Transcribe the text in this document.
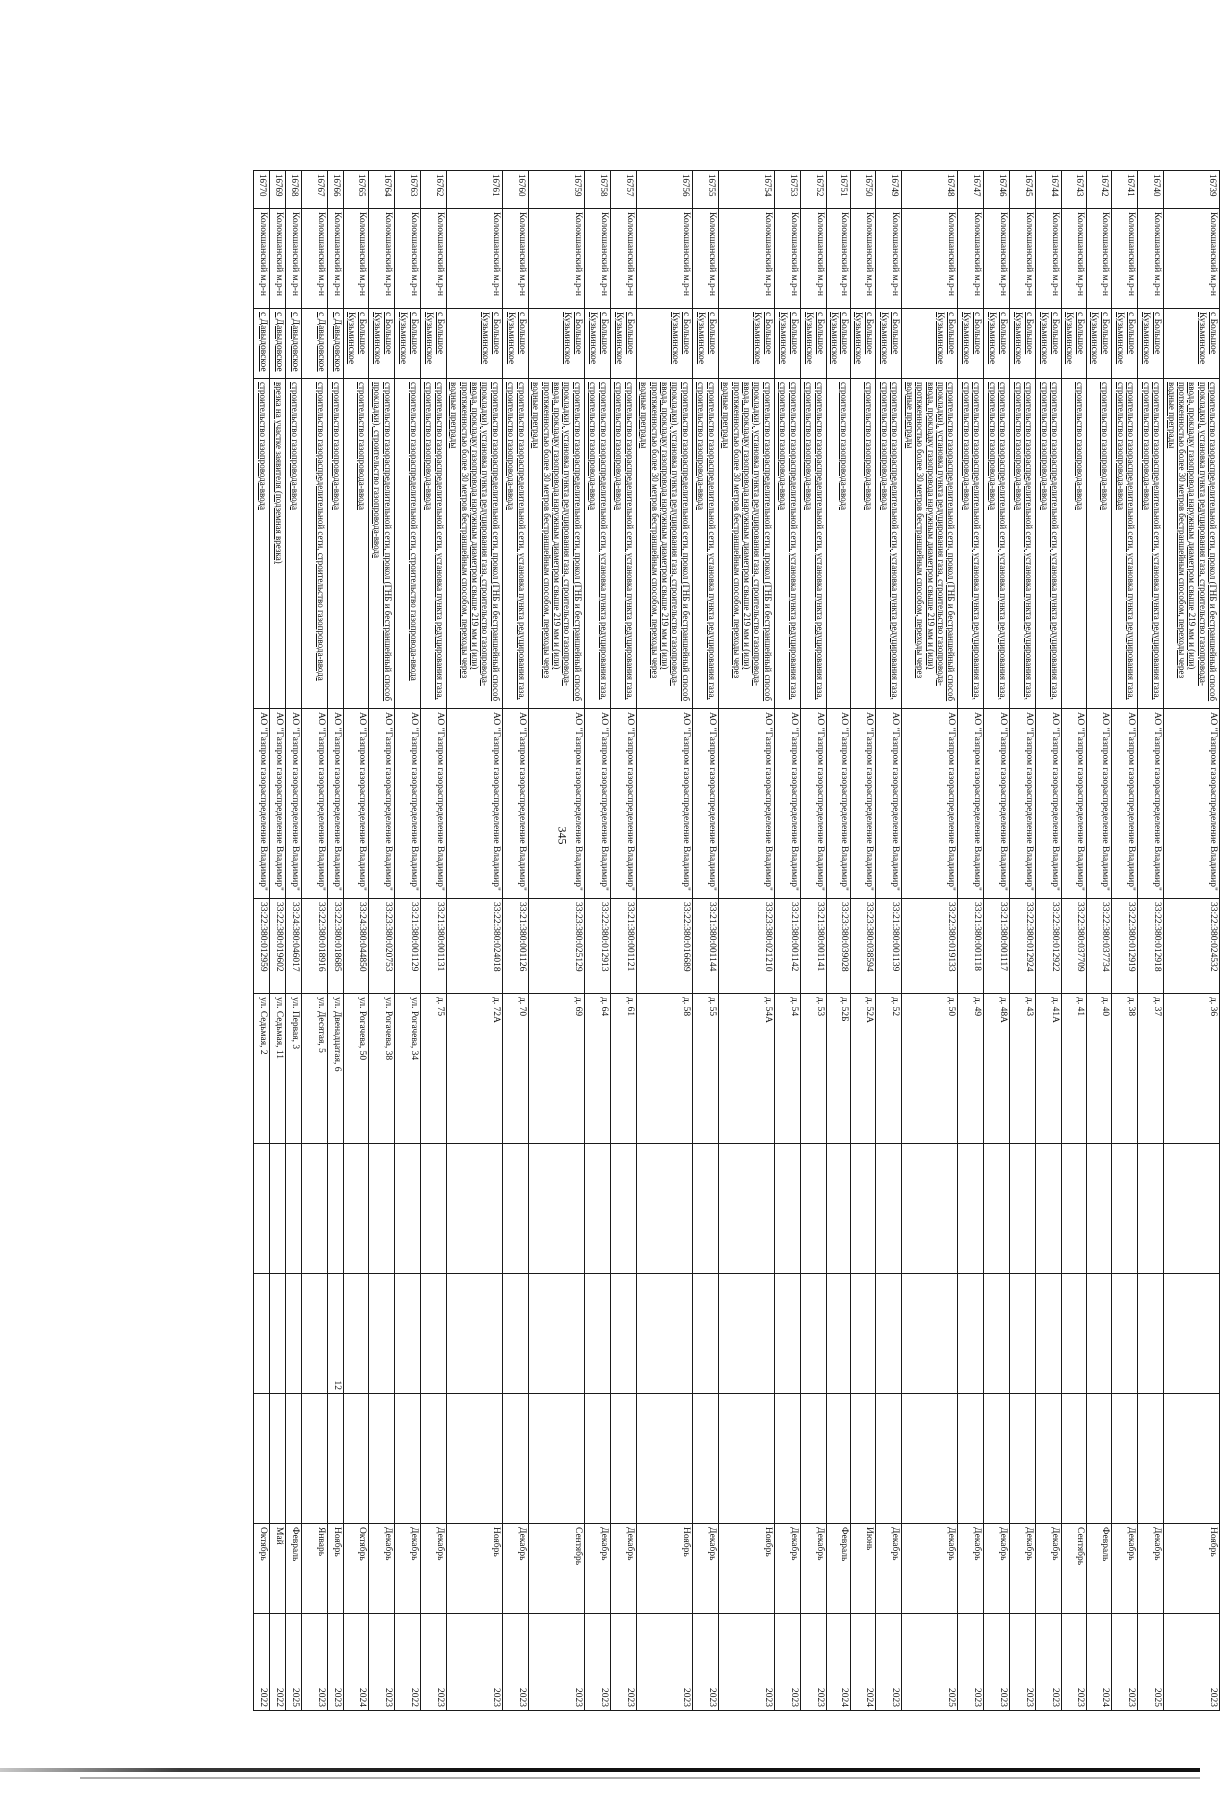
345
16739	Колокшанский м.р-н	с Большое Кузьминское	строительство газораспределительной сети, прокол (ГНБ и бестраншейный способ прокладки), установка пункта редуцирования газа, строительство газопровода-ввода, прокладку газопровода наружным диаметром свыше 219 мм и (или) протяженностью более 30 метров бестраншейным способом, переходы через водные преграды	АО "Газпром газораспределение Владимир"	33:22:380:024532	д. 36				Ноябрь	2023
16740	Колокшанский м.р-н	с Большое Кузьминское	строительство газораспределительной сети, установка пункта редуцирования газа, строительство газопровода-ввода	АО "Газпром газораспределение Владимир"	33:22:380:012918	д. 37				Декабрь	2025
16741	Колокшанский м.р-н	с Большое Кузьминское	строительство газораспределительной сети, установка пункта редуцирования газа, строительство газопровода-ввода	АО "Газпром газораспределение Владимир"	33:22:380:012919	д. 38				Декабрь	2023
16742	Колокшанский м.р-н	с Большое Кузьминское	строительство газопровода-ввода	АО "Газпром газораспределение Владимир"	33:22:380:037734	д. 40				Февраль	2024
16743	Колокшанский м.р-н	с Большое Кузьминское	строительство газопровода-ввода	АО "Газпром газораспределение Владимир"	33:22:380:037709	д. 41				Сентябрь	2023
16744	Колокшанский м.р-н	с Большое Кузьминское	строительство газораспределительной сети, установка пункта редуцирования газа, строительство газопровода-ввода	АО "Газпром газораспределение Владимир"	33:22:380:012922	д. 41А				Декабрь	2023
16745	Колокшанский м.р-н	с Большое Кузьминское	строительство газораспределительной сети, установка пункта редуцирования газа, строительство газопровода-ввода	АО "Газпром газораспределение Владимир"	33:22:380:012924	д. 43				Декабрь	2023
16746	Колокшанский м.р-н	с Большое Кузьминское	строительство газораспределительной сети, установка пункта редуцирования газа, строительство газопровода-ввода	АО "Газпром газораспределение Владимир"	33:21:380:001117	д. 48А				Декабрь	2023
16747	Колокшанский м.р-н	с Большое Кузьминское	строительство газораспределительной сети, установка пункта редуцирования газа, строительство газопровода-ввода	АО "Газпром газораспределение Владимир"	33:21:380:001118	д. 49				Декабрь	2023
16748	Колокшанский м.р-н	с Большое Кузьминское	строительство газораспределительной сети, прокол (ГНБ и бестраншейный способ прокладки), установка пункта редуцирования газа, строительство газопровода-ввода, прокладку газопровода наружным диаметром свыше 219 мм и (или) протяженностью более 30 метров бестраншейным способом, переходы через водные преграды	АО "Газпром газораспределение Владимир"	33:22:380:019133	д. 50				Декабрь	2025
16749	Колокшанский м.р-н	с Большое Кузьминское	строительство газораспределительной сети, установка пункта редуцирования газа, строительство газопровода-ввода	АО "Газпром газораспределение Владимир"	33:21:380:001139	д. 52				Декабрь	2023
16750	Колокшанский м.р-н	с Большое Кузьминское	строительство газопровода-ввода	АО "Газпром газораспределение Владимир"	33:23:380:038594	д. 52А				Июнь	2024
16751	Колокшанский м.р-н	с Большое Кузьминское	строительство газопровода-ввода	АО "Газпром газораспределение Владимир"	33:23:380:039028	д. 52Б				Февраль	2024
16752	Колокшанский м.р-н	с Большое Кузьминское	строительство газораспределительной сети, установка пункта редуцирования газа, строительство газопровода-ввода	АО "Газпром газораспределение Владимир"	33:21:380:001141	д. 53				Декабрь	2023
16753	Колокшанский м.р-н	с Большое Кузьминское	строительство газораспределительной сети, установка пункта редуцирования газа, строительство газопровода-ввода	АО "Газпром газораспределение Владимир"	33:21:380:001142	д. 54				Декабрь	2023
16754	Колокшанский м.р-н	с Большое Кузьминское	строительство газораспределительной сети, прокол (ГНБ и бестраншейный способ прокладки), установка пункта редуцирования газа, строительство газопровода-ввода, прокладку газопровода наружным диаметром свыше 219 мм и (или) протяженностью более 30 метров бестраншейным способом, переходы через водные преграды	АО "Газпром газораспределение Владимир"	33:23:380:021210	д. 54А				Ноябрь	2023
16755	Колокшанский м.р-н	с Большое Кузьминское	строительство газораспределительной сети, установка пункта редуцирования газа, строительство газопровода-ввода	АО "Газпром газораспределение Владимир"	33:21:380:001144	д. 55				Декабрь	2023
16756	Колокшанский м.р-н	с Большое Кузьминское	строительство газораспределительной сети, прокол (ГНБ и бестраншейный способ прокладки), установка пункта редуцирования газа, строительство газопровода-ввода, прокладку газопровода наружным диаметром свыше 219 мм и (или) протяженностью более 30 метров бестраншейным способом, переходы через водные преграды	АО "Газпром газораспределение Владимир"	33:22:380:016689	д. 58				Ноябрь	2023
16757	Колокшанский м.р-н	с Большое Кузьминское	строительство газораспределительной сети, установка пункта редуцирования газа, строительство газопровода-ввода	АО "Газпром газораспределение Владимир"	33:21:380:001121	д. 61				Декабрь	2023
16758	Колокшанский м.р-н	с Большое Кузьминское	строительство газораспределительной сети, установка пункта редуцирования газа, строительство газопровода-ввода	АО "Газпром газораспределение Владимир"	33:22:380:012913	д. 64				Декабрь	2023
16759	Колокшанский м.р-н	с Большое Кузьминское	строительство газораспределительной сети, прокол (ГНБ и бестраншейный способ прокладки), установка пункта редуцирования газа, строительство газопровода-ввода, прокладку газопровода наружным диаметром свыше 219 мм и (или) протяженностью более 30 метров бестраншейным способом, переходы через водные преграды	АО "Газпром газораспределение Владимир"	33:23:380:025129	д. 69				Сентябрь	2023
16760	Колокшанский м.р-н	с Большое Кузьминское	строительство газораспределительной сети, установка пункта редуцирования газа, строительство газопровода-ввода	АО "Газпром газораспределение Владимир"	33:21:380:001126	д. 70				Декабрь	2023
16761	Колокшанский м.р-н	с Большое Кузьминское	строительство газораспределительной сети, прокол (ГНБ и бестраншейный способ прокладки), установка пункта редуцирования газа, строительство газопровода-ввода, прокладку газопровода наружным диаметром свыше 219 мм и (или) протяженностью более 30 метров бестраншейным способом, переходы через водные преграды	АО "Газпром газораспределение Владимир"	33:22:380:024018	д. 72А				Ноябрь	2023
16762	Колокшанский м.р-н	с Большое Кузьминское	строительство газораспределительной сети, установка пункта редуцирования газа, строительство газопровода-ввода	АО "Газпром газораспределение Владимир"	33:21:380:001131	д. 75				Декабрь	2023
16763	Колокшанский м.р-н	с Большое Кузьминское	строительство газораспределительной сети, строительство газопровода-ввода	АО "Газпром газораспределение Владимир"	33:21:380:001129	ул. Рогачева, 34				Декабрь	2022
16764	Колокшанский м.р-н	с Большое Кузьминское	строительство газораспределительной сети, прокол (ГНБ и бестраншейный способ прокладки), строительство газопровода-ввода	АО "Газпром газораспределение Владимир"	33:23:380:020753	ул. Рогачева, 38				Декабрь	2023
16765	Колокшанский м.р-н	с Большое Кузьминское	строительство газопровода-ввода	АО "Газпром газораспределение Владимир"	33:24:380:044850	ул. Рогачева, 50				Октябрь	2024
16766	Колокшанский м.р-н	с Давыдовское	строительство газопровода-ввода	АО "Газпром газораспределение Владимир"	33:22:380:018685	ул. Двенадцатая, 6		12		Ноябрь	2023
16767	Колокшанский м.р-н	с Давыдовское	строительство газораспределительной сети, строительство газопровода-ввода	АО "Газпром газораспределение Владимир"	33:22:380:018916	ул. Десятая, 5				Январь	2023
16768	Колокшанский м.р-н	с Давыдовское	строительство газопровода-ввода	АО "Газпром газораспределение Владимир"	33:24:380:046017	ул. Первая, 3				Февраль	2025
16769	Колокшанский м.р-н	с Давыдовское	врезка на участке заявителя (подземная врезка)	АО "Газпром газораспределение Владимир"	33:22:380:019602	ул. Седьмая, 11				Май	2022
16770	Колокшанский м.р-н	с Давыдовское	строительство газопровода-ввода	АО "Газпром газораспределение Владимир"	33:22:380:012959	ул. Седьмая, 2				Октябрь	2022
